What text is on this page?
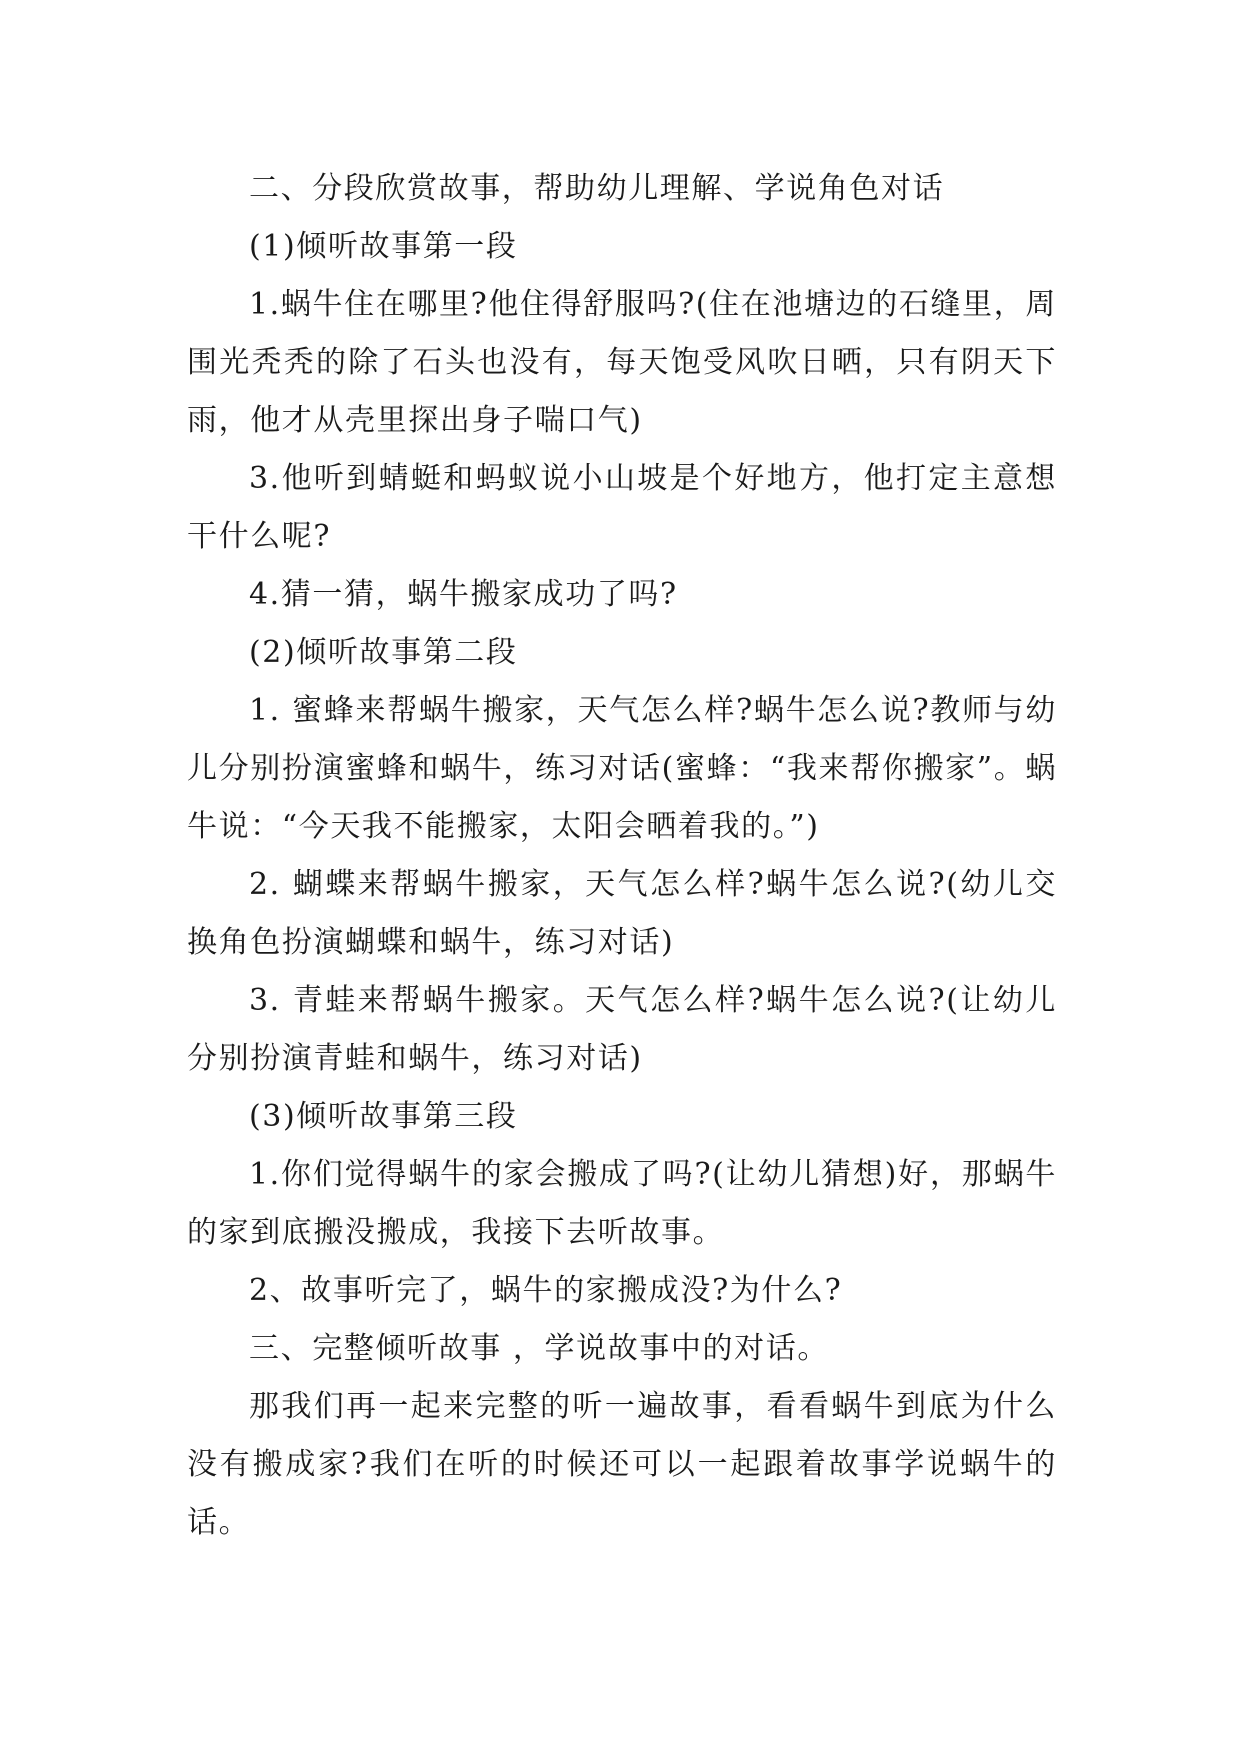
二、分段欣赏故事，帮助幼儿理解、学说角色对话

(1)倾听故事第一段

1.蜗牛住在哪里?他住得舒服吗?(住在池塘边的石缝里，周围光秃秃的除了石头也没有，每天饱受风吹日晒，只有阴天下雨，他才从壳里探出身子喘口气)

3.他听到蜻蜓和蚂蚁说小山坡是个好地方，他打定主意想干什么呢?

4.猜一猜，蜗牛搬家成功了吗?

(2)倾听故事第二段

1. 蜜蜂来帮蜗牛搬家，天气怎么样?蜗牛怎么说?教师与幼儿分别扮演蜜蜂和蜗牛，练习对话(蜜蜂：“我来帮你搬家”。蜗牛说：“今天我不能搬家，太阳会晒着我的。”)

2. 蝴蝶来帮蜗牛搬家，天气怎么样?蜗牛怎么说?(幼儿交换角色扮演蝴蝶和蜗牛，练习对话)

3. 青蛙来帮蜗牛搬家。天气怎么样?蜗牛怎么说?(让幼儿分别扮演青蛙和蜗牛，练习对话)

(3)倾听故事第三段

1.你们觉得蜗牛的家会搬成了吗?(让幼儿猜想)好，那蜗牛的家到底搬没搬成，我接下去听故事。

2、故事听完了，蜗牛的家搬成没?为什么?

三、完整倾听故事 ，学说故事中的对话。

那我们再一起来完整的听一遍故事，看看蜗牛到底为什么没有搬成家?我们在听的时候还可以一起跟着故事学说蜗牛的话。
